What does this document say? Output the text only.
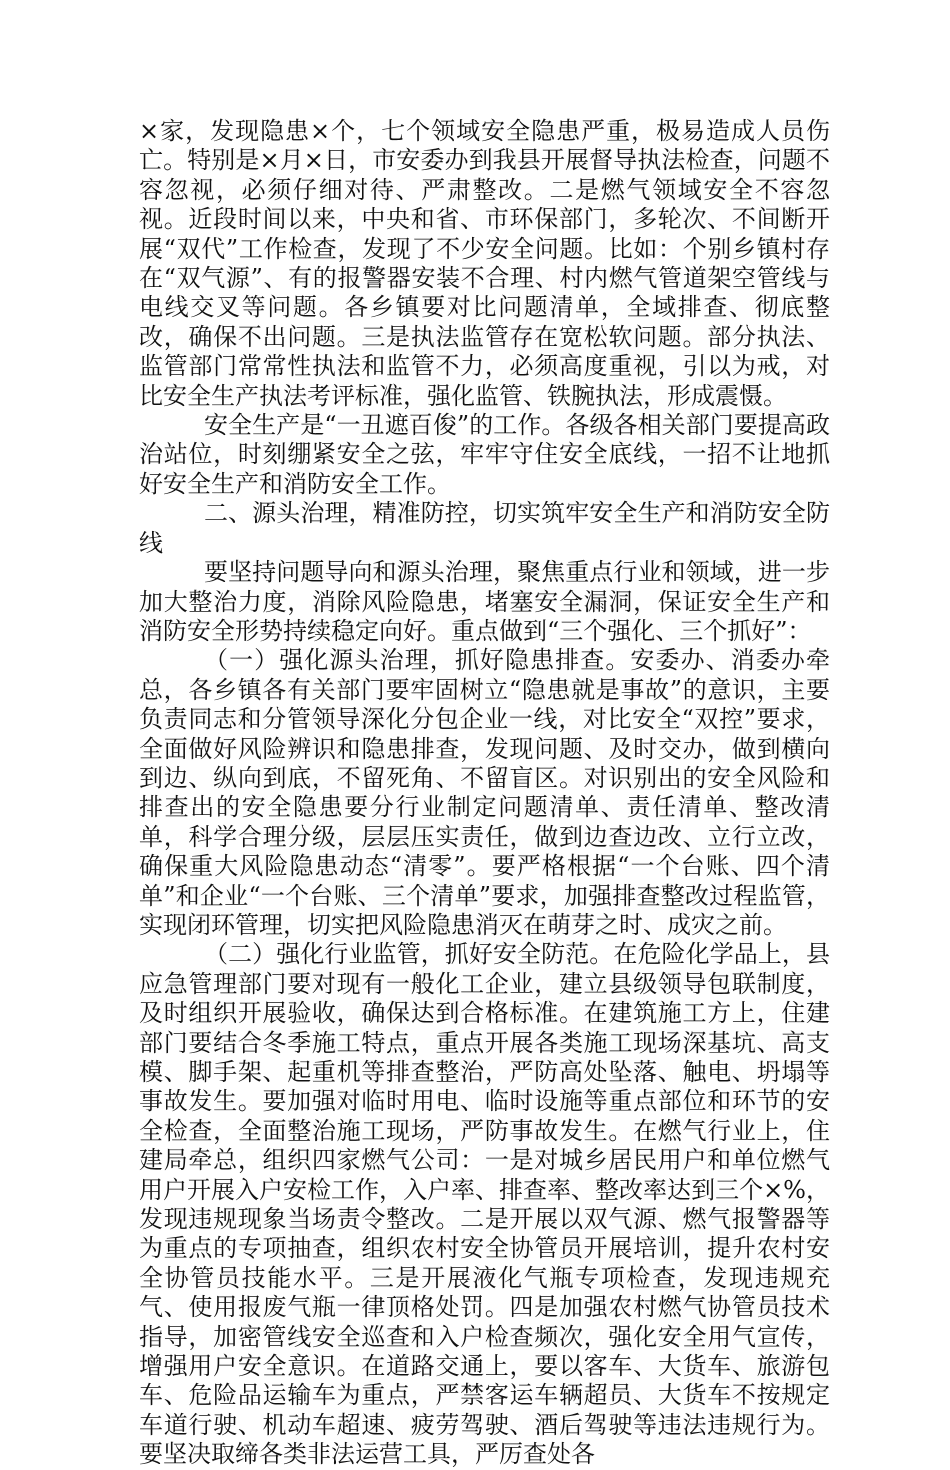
×家，发现隐患×个，七个领域安全隐患严重，极易造成人员伤亡。特别是×月×日，市安委办到我县开展督导执法检查，问题不容忽视，必须仔细对待、严肃整改。二是燃气领域安全不容忽视。近段时间以来，中央和省、市环保部门，多轮次、不间断开展“双代”工作检查，发现了不少安全问题。比如：个别乡镇村存在“双气源”、有的报警器安装不合理、村内燃气管道架空管线与电线交叉等问题。各乡镇要对比问题清单，全域排查、彻底整改，确保不出问题。三是执法监管存在宽松软问题。部分执法、监管部门常常性执法和监管不力，必须高度重视，引以为戒，对比安全生产执法考评标准，强化监管、铁腕执法，形成震慑。

安全生产是“一丑遮百俊”的工作。各级各相关部门要提高政治站位，时刻绷紧安全之弦，牢牢守住安全底线，一招不让地抓好安全生产和消防安全工作。

二、源头治理，精准防控，切实筑牢安全生产和消防安全防线

要坚持问题导向和源头治理，聚焦重点行业和领域，进一步加大整治力度，消除风险隐患，堵塞安全漏洞，保证安全生产和消防安全形势持续稳定向好。重点做到“三个强化、三个抓好”：

（一）强化源头治理，抓好隐患排查。安委办、消委办牵总，各乡镇各有关部门要牢固树立“隐患就是事故”的意识，主要负责同志和分管领导深化分包企业一线，对比安全“双控”要求，全面做好风险辨识和隐患排查，发现问题、及时交办，做到横向到边、纵向到底，不留死角、不留盲区。对识别出的安全风险和排查出的安全隐患要分行业制定问题清单、责任清单、整改清单，科学合理分级，层层压实责任，做到边查边改、立行立改，确保重大风险隐患动态“清零”。要严格根据“一个台账、四个清单”和企业“一个台账、三个清单”要求，加强排查整改过程监管，实现闭环管理，切实把风险隐患消灭在萌芽之时、成灾之前。

（二）强化行业监管，抓好安全防范。在危险化学品上，县应急管理部门要对现有一般化工企业，建立县级领导包联制度，及时组织开展验收，确保达到合格标准。在建筑施工方上，住建部门要结合冬季施工特点，重点开展各类施工现场深基坑、高支模、脚手架、起重机等排查整治，严防高处坠落、触电、坍塌等事故发生。要加强对临时用电、临时设施等重点部位和环节的安全检查，全面整治施工现场，严防事故发生。在燃气行业上，住建局牵总，组织四家燃气公司：一是对城乡居民用户和单位燃气用户开展入户安检工作，入户率、排查率、整改率达到三个×%，发现违规现象当场责令整改。二是开展以双气源、燃气报警器等为重点的专项抽查，组织农村安全协管员开展培训，提升农村安全协管员技能水平。三是开展液化气瓶专项检查，发现违规充气、使用报废气瓶一律顶格处罚。四是加强农村燃气协管员技术指导，加密管线安全巡查和入户检查频次，强化安全用气宣传，增强用户安全意识。在道路交通上，要以客车、大货车、旅游包车、危险品运输车为重点，严禁客运车辆超员、大货车不按规定车道行驶、机动车超速、疲劳驾驶、酒后驾驶等违法违规行为。要坚决取缔各类非法运营工具，严厉查处各
